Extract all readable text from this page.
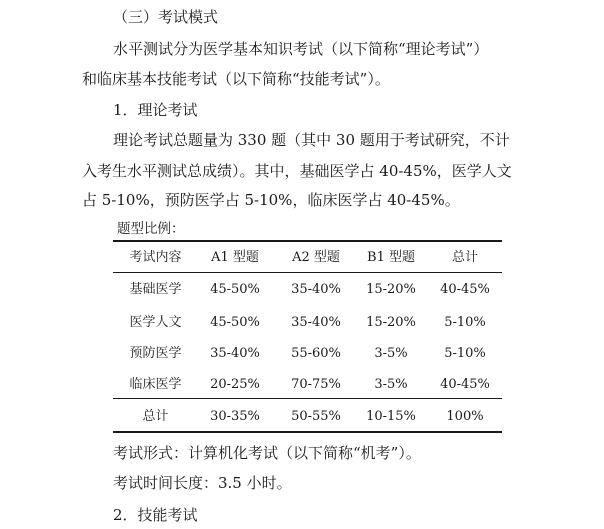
（三）考试模式
水平测试分为医学基本知识考试（以下简称“理论考试”）
和临床基本技能考试（以下简称“技能考试”）。
1．理论考试
理论考试总题量为 330 题（其中 30 题用于考试研究，不计
入考生水平测试总成绩）。其中，基础医学占 40-45%，医学人文
占 5-10%，预防医学占 5-10%，临床医学占 40-45%。
题型比例：
考试内容	A1 型题	A2 型题	B1 型题	总计
基础医学	45-50%	35-40%	15-20%	40-45%
医学人文	45-50%	35-40%	15-20%	5-10%
预防医学	35-40%	55-60%	3-5%	5-10%
临床医学	20-25%	70-75%	3-5%	40-45%
总计	30-35%	50-55%	10-15%	100%
考试形式：计算机化考试（以下简称“机考”）。
考试时间长度：3.5 小时。
2．技能考试
